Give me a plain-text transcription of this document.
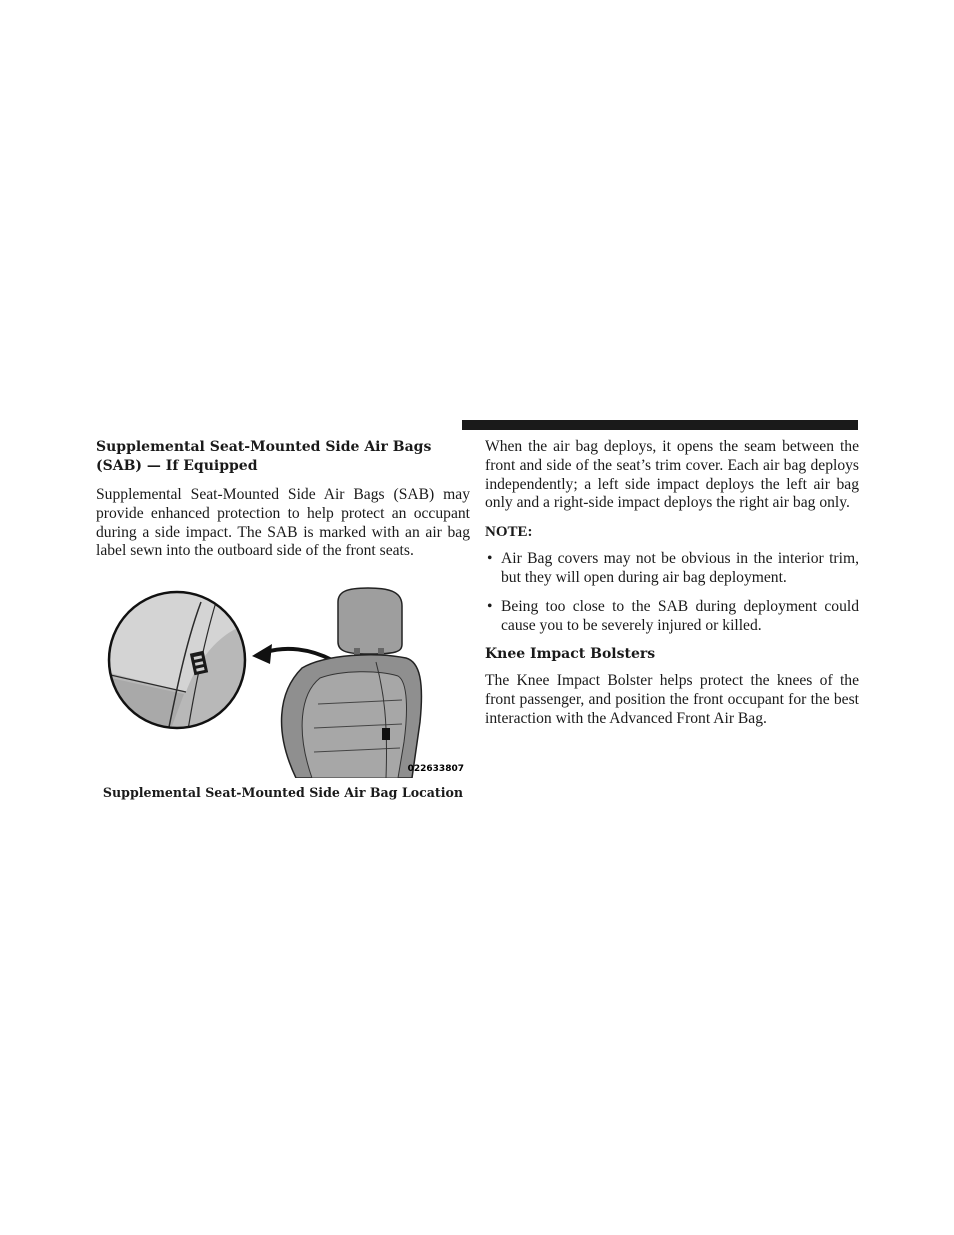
Supplemental Seat-Mounted Side Air Bags
(SAB) — If Equipped

Supplemental Seat-Mounted Side Air Bags (SAB) may provide enhanced protection to help protect an occupant during a side impact. The SAB is marked with an air bag label sewn into the outboard side of the front seats.

022633807
Supplemental Seat-Mounted Side Air Bag Location

When the air bag deploys, it opens the seam between the front and side of the seat’s trim cover. Each air bag deploys independently; a left side impact deploys the left air bag only and a right-side impact deploys the right air bag only.

NOTE:
• Air Bag covers may not be obvious in the interior trim, but they will open during air bag deployment.
• Being too close to the SAB during deployment could cause you to be severely injured or killed.
Knee Impact Bolsters

The Knee Impact Bolster helps protect the knees of the front passenger, and position the front occupant for the best interaction with the Advanced Front Air Bag.
